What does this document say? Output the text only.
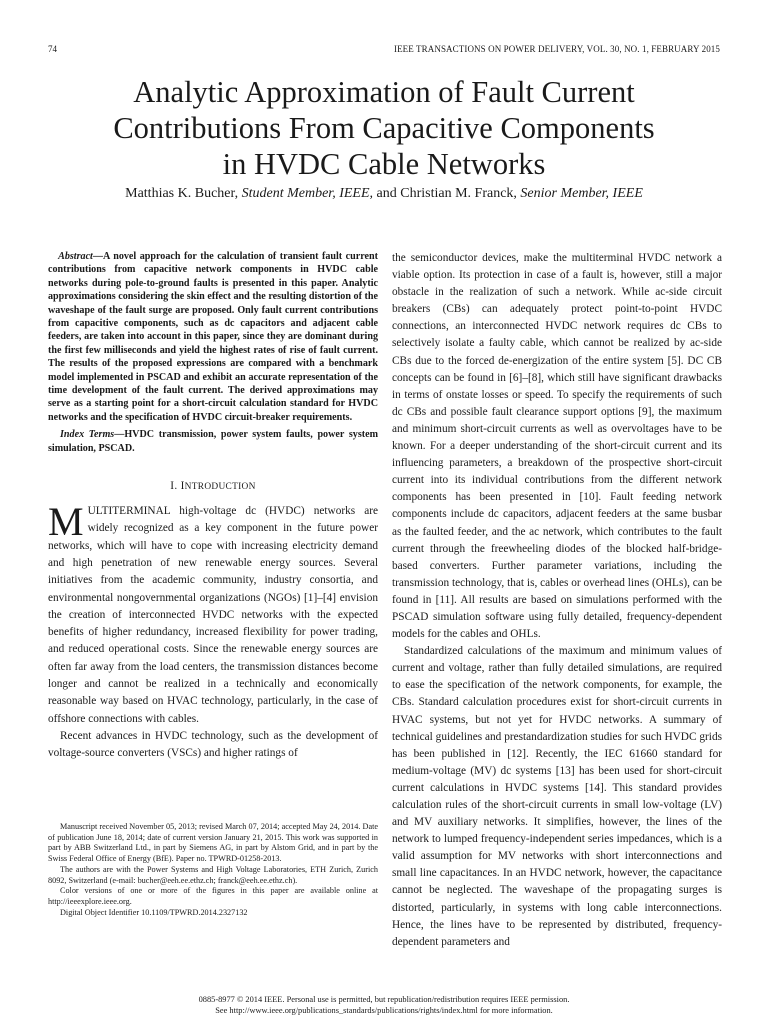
74	IEEE TRANSACTIONS ON POWER DELIVERY, VOL. 30, NO. 1, FEBRUARY 2015
Analytic Approximation of Fault Current
Contributions From Capacitive Components
in HVDC Cable Networks
Matthias K. Bucher, Student Member, IEEE, and Christian M. Franck, Senior Member, IEEE

 Abstract—A novel approach for the calculation of transient fault current contributions from capacitive network components in HVDC cable networks during pole-to-ground faults is presented in this paper. Analytic approximations considering the skin effect and the resulting distortion of the waveshape of the fault surge are proposed. Only fault current contributions from capacitive components, such as dc capacitors and adjacent cable feeders, are taken into account in this paper, since they are dominant during the first few milliseconds and yield the highest rates of rise of fault current. The results of the proposed expressions are compared with a benchmark model implemented in PSCAD and exhibit an accurate representation of the time development of the fault current. The derived approximations may serve as a starting point for a short-circuit calculation standard for HVDC networks and the specification of HVDC circuit-breaker requirements.

Index Terms—HVDC transmission, power system faults, power system simulation, PSCAD.

I. INTRODUCTION

MULTITERMINAL high-voltage dc (HVDC) networks are widely recognized as a key component in the future power networks, which will have to cope with increasing electricity demand and high penetration of new renewable energy sources. Several initiatives from the academic community, industry consortia, and environmental nongovernmental organizations (NGOs) [1]–[4] envision the creation of interconnected HVDC networks with the expected benefits of higher redundancy, increased flexibility for power trading, and reduced operational costs. Since the renewable energy sources are often far away from the load centers, the transmission distances become longer and cannot be realized in a technically and economically reasonable way based on HVAC technology, particularly, in the case of offshore connections with cables.

Recent advances in HVDC technology, such as the development of voltage-source converters (VSCs) and higher ratings of

Manuscript received November 05, 2013; revised March 07, 2014; accepted May 24, 2014. Date of publication June 18, 2014; date of current version January 21, 2015. This work was supported in part by ABB Switzerland Ltd., in part by Siemens AG, in part by Alstom Grid, and in part by the Swiss Federal Office of Energy (BfE). Paper no. TPWRD-01258-2013.

The authors are with the Power Systems and High Voltage Laboratories, ETH Zurich, Zurich 8092, Switzerland (e-mail: bucher@eeh.ee.ethz.ch; franck@eeh.ee.ethz.ch).

Color versions of one or more of the figures in this paper are available online at http://ieeexplore.ieee.org.

Digital Object Identifier 10.1109/TPWRD.2014.2327132

the semiconductor devices, make the multiterminal HVDC network a viable option. Its protection in case of a fault is, however, still a major obstacle in the realization of such a network. While ac-side circuit breakers (CBs) can adequately protect point-to-point HVDC connections, an interconnected HVDC network requires dc CBs to selectively isolate a faulty cable, which cannot be realized by ac-side CBs due to the forced de-energization of the entire system [5]. DC CB concepts can be found in [6]–[8], which still have significant drawbacks in terms of onstate losses or speed. To specify the requirements of such dc CBs and possible fault clearance support options [9], the maximum and minimum short-circuit currents as well as overvoltages have to be known. For a deeper understanding of the short-circuit current and its influencing parameters, a breakdown of the prospective short-circuit current into its individual contributions from the different network components has been presented in [10]. Fault feeding network components include dc capacitors, adjacent feeders at the same busbar as the faulted feeder, and the ac network, which contributes to the fault current through the freewheeling diodes of the blocked half-bridge-based converters. Further parameter variations, including the transmission technology, that is, cables or overhead lines (OHLs), can be found in [11]. All results are based on simulations performed with the PSCAD simulation software using fully detailed, frequency-dependent models for the cables and OHLs.

Standardized calculations of the maximum and minimum values of current and voltage, rather than fully detailed simulations, are required to ease the specification of the network components, for example, the CBs. Standard calculation procedures exist for short-circuit currents in HVAC systems, but not yet for HVDC networks. A summary of technical guidelines and prestandardization studies for such HVDC grids has been published in [12]. Recently, the IEC 61660 standard for medium-voltage (MV) dc systems [13] has been used for short-circuit current calculations in HVDC systems [14]. This standard provides calculation rules of the short-circuit currents in small low-voltage (LV) and MV auxiliary networks. It simplifies, however, the lines of the network to lumped frequency-independent series impedances, which is a valid assumption for MV networks with short interconnections and small line capacitances. In an HVDC network, however, the capacitance cannot be neglected. The waveshape of the propagating surges is distorted, particularly, in systems with long cable interconnections. Hence, the lines have to be represented by distributed, frequency-dependent parameters and

0885-8977 © 2014 IEEE. Personal use is permitted, but republication/redistribution requires IEEE permission.
See http://www.ieee.org/publications_standards/publications/rights/index.html for more information.
